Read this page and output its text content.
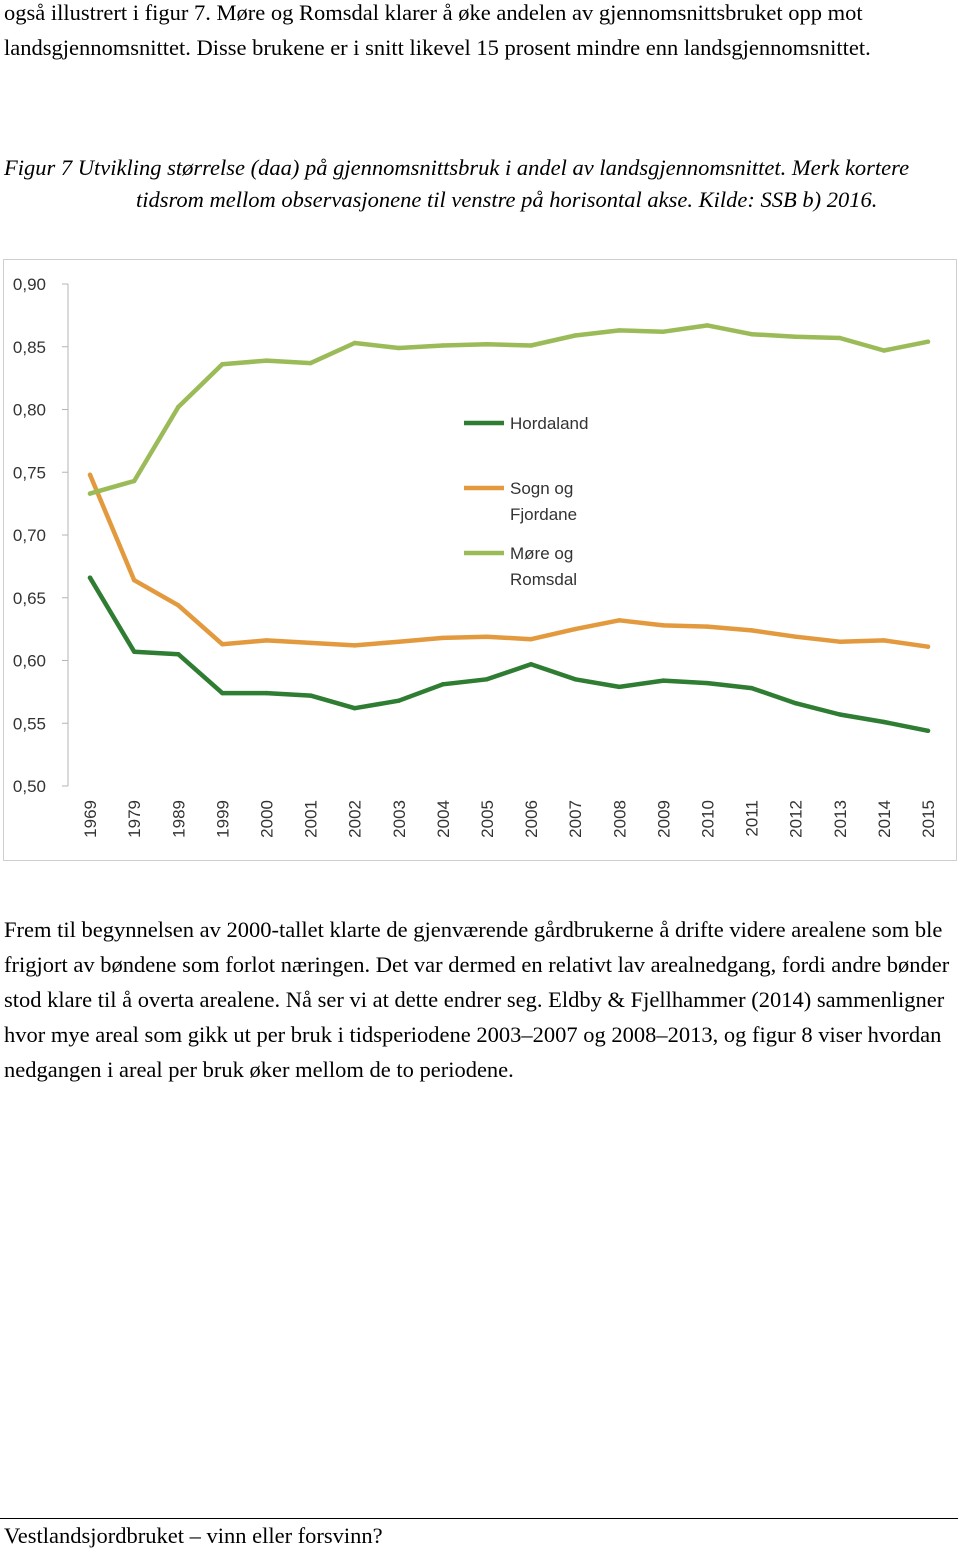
også illustrert i figur 7. Møre og Romsdal klarer å øke andelen av gjennomsnittsbruket opp mot landsgjennomsnittet. Disse brukene er i snitt likevel 15 prosent mindre enn landsgjennomsnittet.

Figur 7 Utvikling størrelse (daa) på gjennomsnittsbruk i andel av landsgjennomsnittet. Merk kortere tidsrom mellom observasjonene til venstre på horisontal akse. Kilde: SSB b) 2016.

0,90
0,85
0,80
0,75
0,70
0,65
0,60
0,55
0,50
1969 1979 1989 1999 2000 2001 2002 2003 2004 2005 2006 2007 2008 2009 2010 2011 2012 2013 2014 2015
Hordaland
Sogn og
Fjordane
Møre og
Romsdal

Frem til begynnelsen av 2000-tallet klarte de gjenværende gårdbrukerne å drifte videre arealene som ble frigjort av bøndene som forlot næringen. Det var dermed en relativt lav arealnedgang, fordi andre bønder stod klare til å overta arealene. Nå ser vi at dette endrer seg. Eldby & Fjellhammer (2014) sammenligner hvor mye areal som gikk ut per bruk i tidsperiodene 2003–2007 og 2008–2013, og figur 8 viser hvordan nedgangen i areal per bruk øker mellom de to periodene.

Vestlandsjordbruket – vinn eller forsvinn?
